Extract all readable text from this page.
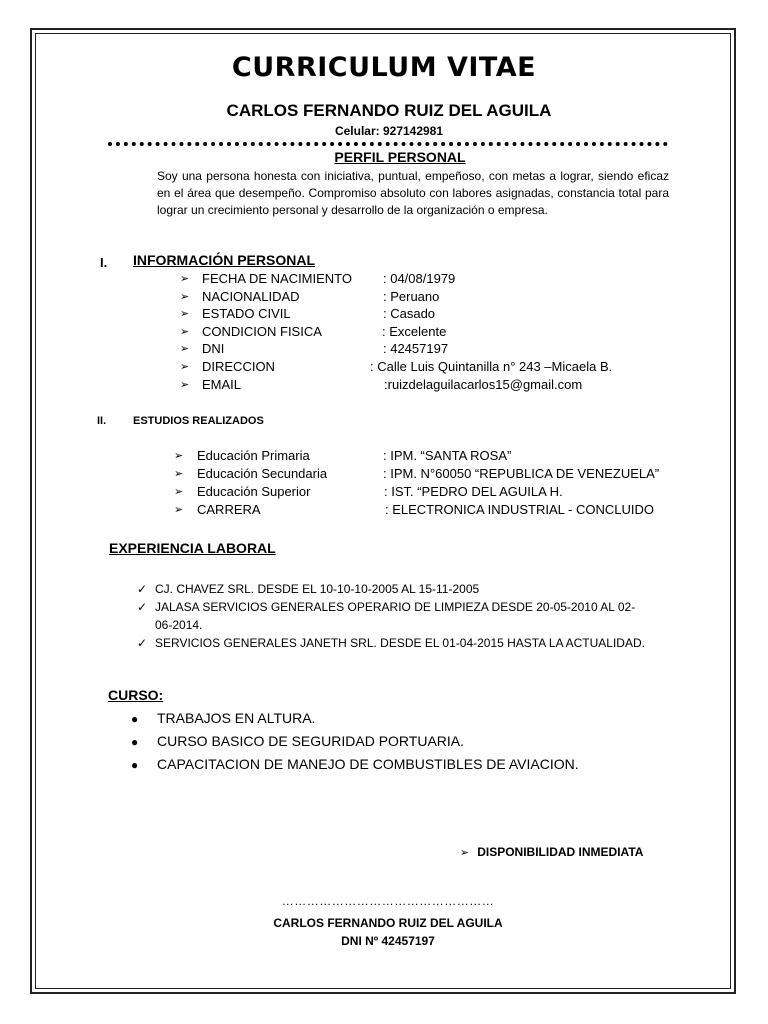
CURRICULUM VITAE
CARLOS FERNANDO RUIZ DEL AGUILA
Celular: 927142981
PERFIL PERSONAL
Soy una persona honesta con iniciativa, puntual, empeñoso, con metas a lograr, siendo eficaz en el área que desempeño. Compromiso absoluto con labores asignadas, constancia total para lograr un crecimiento personal y desarrollo de la organización o empresa.
I. INFORMACIÓN PERSONAL
➢ FECHA DE NACIMIENTO : 04/08/1979
➢ NACIONALIDAD	: Peruano
➢ ESTADO CIVIL	: Casado
➢ CONDICION FISICA	: Excelente
➢ DNI	: 42457197
➢ DIRECCION	: Calle Luis Quintanilla n° 243 –Micaela B.
➢ EMAIL	:ruizdelaguilacarlos15@gmail.com
II. ESTUDIOS REALIZADOS
➢ Educación Primaria	: IPM. “SANTA ROSA”
➢ Educación Secundaria	: IPM. N°60050 “REPUBLICA DE VENEZUELA”
➢ Educación Superior	: IST. “PEDRO DEL AGUILA H.
➢ CARRERA	: ELECTRONICA INDUSTRIAL - CONCLUIDO
EXPERIENCIA LABORAL
✓ CJ. CHAVEZ SRL. DESDE EL 10-10-10-2005 AL 15-11-2005
✓ JALASA SERVICIOS GENERALES OPERARIO DE LIMPIEZA DESDE 20-05-2010 AL 02-06-2014.
✓ SERVICIOS GENERALES JANETH SRL. DESDE EL 01-04-2015 HASTA LA ACTUALIDAD.
CURSO:
● TRABAJOS EN ALTURA.
● CURSO BASICO DE SEGURIDAD PORTUARIA.
● CAPACITACION DE MANEJO DE COMBUSTIBLES DE AVIACION.
➢ DISPONIBILIDAD INMEDIATA
……………………………………………
CARLOS FERNANDO RUIZ DEL AGUILA
DNI Nº 42457197
